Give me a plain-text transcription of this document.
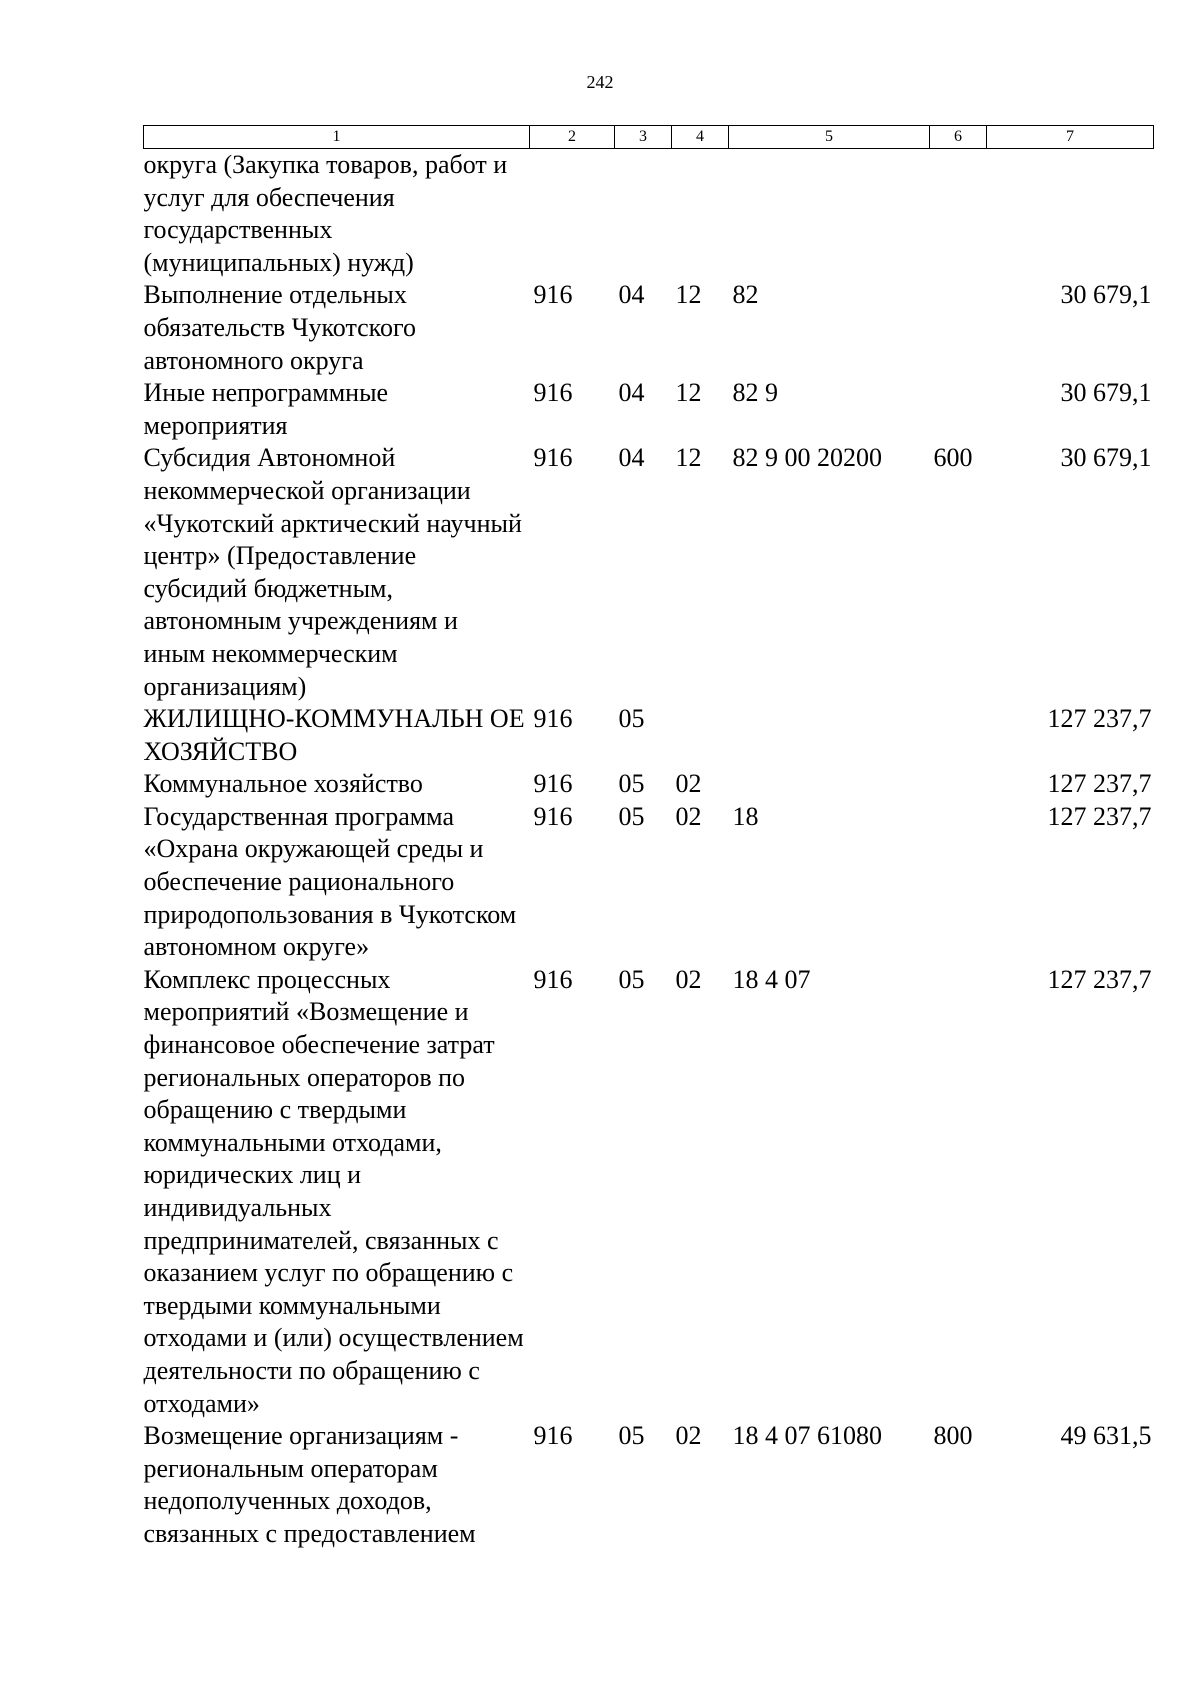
242
1	2	3	4	5	6	7
округа (Закупка товаров, работ и услуг для обеспечения государственных (муниципальных) нужд)						
Выполнение отдельных обязательств Чукотского автономного округа	916	04	12	82		30 679,1
Иные непрограммные мероприятия	916	04	12	82 9		30 679,1
Субсидия Автономной некоммерческой организации «Чукотский арктический научный центр» (Предоставление субсидий бюджетным, автономным учреждениям и иным некоммерческим организациям)	916	04	12	82 9 00 20200	600	30 679,1
ЖИЛИЩНО-КОММУНАЛЬН ОЕ ХОЗЯЙСТВО	916	05				127 237,7
Коммунальное хозяйство	916	05	02			127 237,7
Государственная программа «Охрана окружающей среды и обеспечение рационального природопользования в Чукотском автономном округе»	916	05	02	18		127 237,7
Комплекс процессных мероприятий «Возмещение и финансовое обеспечение затрат региональных операторов по обращению с твердыми коммунальными отходами, юридических лиц и индивидуальных предпринимателей, связанных с оказанием услуг по обращению с твердыми коммунальными отходами и (или) осуществлением деятельности по обращению с отходами»	916	05	02	18 4 07		127 237,7
Возмещение организациям - региональным операторам недополученных доходов, связанных с предоставлением	916	05	02	18 4 07 61080	800	49 631,5
